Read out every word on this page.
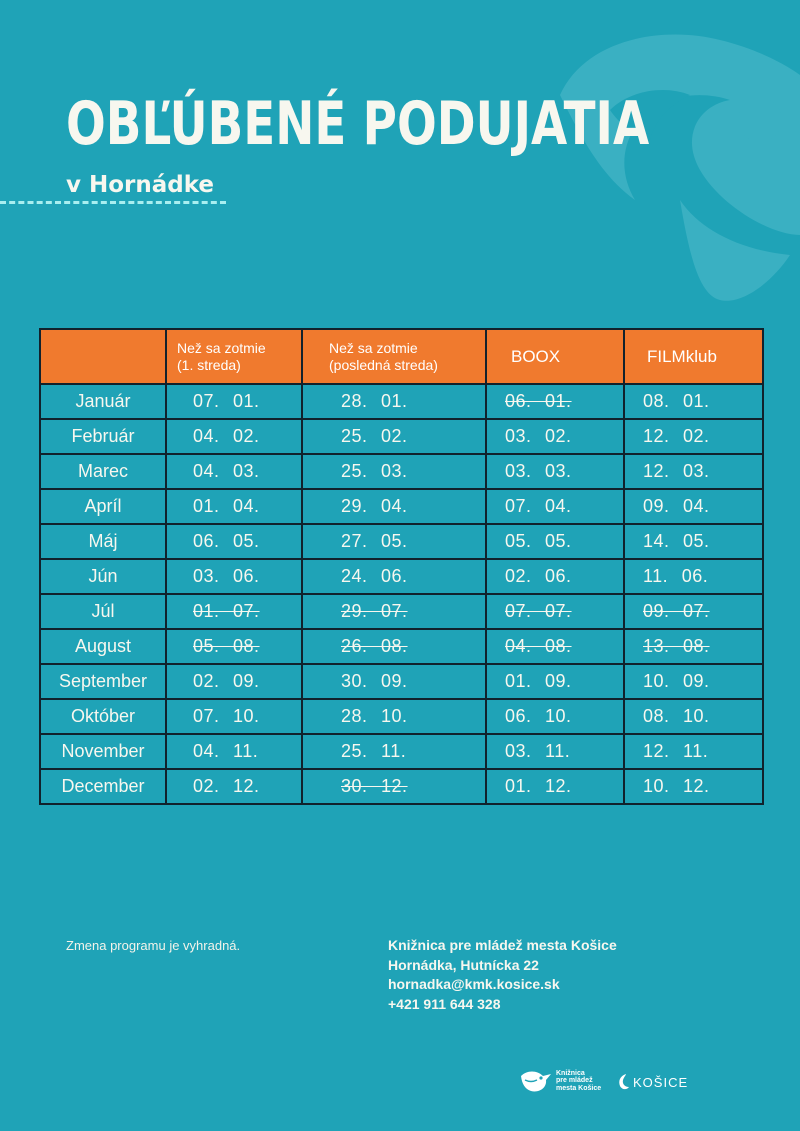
OBĽÚBENÉ PODUJATIA

v Hornádke

	Než sa zotmie
(1. streda)	Než sa zotmie
(posledná streda)	BOOX	FILMklub

Január	07. 01.	28. 01.	06. 01.	08. 01.
Február	04. 02.	25. 02.	03. 02.	12. 02.
Marec	04. 03.	25. 03.	03. 03.	12. 03.
Apríl	01. 04.	29. 04.	07. 04.	09. 04.
Máj	06. 05.	27. 05.	05. 05.	14. 05.
Jún	03. 06.	24. 06.	02. 06.	11. 06.
Júl	01. 07.	29. 07.	07. 07.	09. 07.
August	05. 08.	26. 08.	04. 08.	13. 08.
September	02. 09.	30. 09.	01. 09.	10. 09.
Október	07. 10.	28. 10.	06. 10.	08. 10.
November	04. 11.	25. 11.	03. 11.	12. 11.
December	02. 12.	30. 12.	01. 12.	10. 12.

Zmena programu je vyhradná.	Knižnica pre mládež mesta Košice
Hornádka, Hutnícka 22
hornadka@kmk.kosice.sk
+421 911 644 328
Knižnica
pre mládež
mesta Košice	KOŠICE
